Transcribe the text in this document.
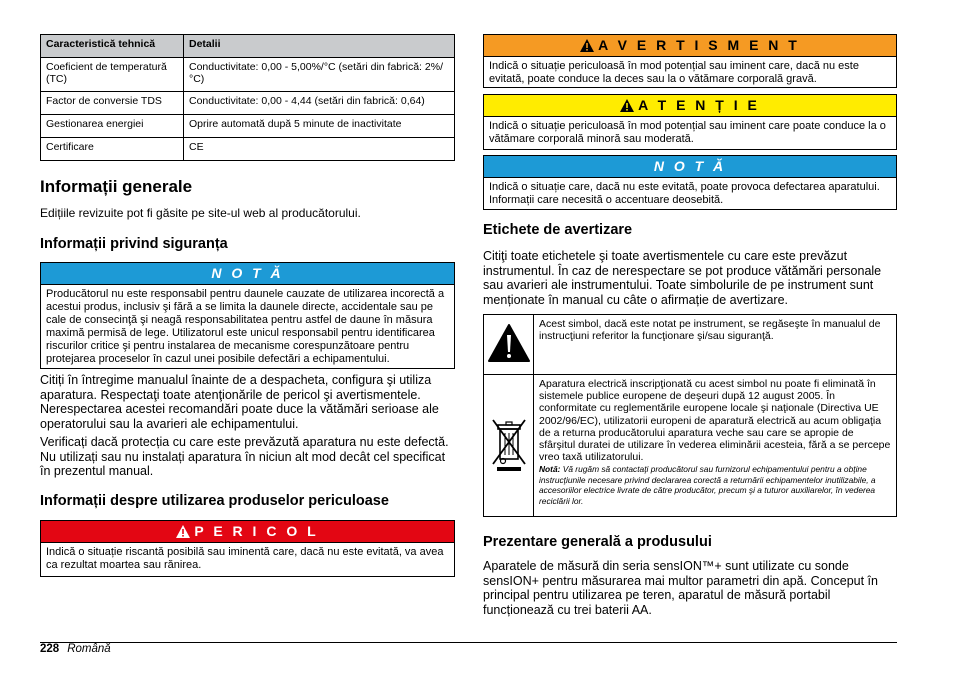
Caracteristică tehnică	Detalii
Coeficient de temperatură (TC)	Conductivitate: 0,00 - 5,00%/°C (setări din fabrică: 2%/ °C)
Factor de conversie TDS	Conductivitate: 0,00 - 4,44 (setări din fabrică: 0,64)
Gestionarea energiei	Oprire automată după 5 minute de inactivitate
Certificare	CE
Informații generale
Edițiile revizuite pot fi găsite pe site-ul web al producătorului.
Informații privind siguranța
N O T Ă
Producătorul nu este responsabil pentru daunele cauzate de utilizarea incorectă a acestui produs, inclusiv şi fără a se limita la daunele directe, accidentale sau pe cale de consecinţă şi neagă responsabilitatea pentru astfel de daune în măsura maximă permisă de lege. Utilizatorul este unicul responsabil pentru identificarea riscurilor critice şi pentru instalarea de mecanisme corespunzătoare pentru protejarea proceselor în cazul unei posibile defectări a echipamentului.
Citiți în întregime manualul înainte de a despacheta, configura şi utiliza aparatura. Respectaţi toate atenţionările de pericol şi avertismentele. Nerespectarea acestei recomandări poate duce la vătămări serioase ale operatorului sau la avarieri ale echipamentului.
Verificați dacă protecția cu care este prevăzută aparatura nu este defectă. Nu utilizați sau nu instalați aparatura în niciun alt mod decât cel specificat în prezentul manual.
Informații despre utilizarea produselor periculoase
P E R I C O L
Indică o situație riscantă posibilă sau iminentă care, dacă nu este evitată, va avea ca rezultat moartea sau rănirea.
A V E R T I S M E N T
Indică o situație periculoasă în mod potențial sau iminent care, dacă nu este evitată, poate conduce la deces sau la o vătămare corporală gravă.
A T E N Ț I E
Indică o situație periculoasă în mod potențial sau iminent care poate conduce la o vătămare corporală minoră sau moderată.
N O T Ă
Indică o situație care, dacă nu este evitată, poate provoca defectarea aparatului. Informații care necesită o accentuare deosebită.
Etichete de avertizare
Citiţi toate etichetele şi toate avertismentele cu care este prevăzut instrumentul. În caz de nerespectare se pot produce vătămări personale sau avarieri ale instrumentului. Toate simbolurile de pe instrument sunt menționate în manual cu câte o afirmație de avertizare.
	Acest simbol, dacă este notat pe instrument, se regăseşte în manualul de instrucţiuni referitor la funcţionare şi/sau siguranţă.
	Aparatura electrică inscripţionată cu acest simbol nu poate fi eliminată în sistemele publice europene de deşeuri după 12 august 2005. În conformitate cu reglementările europene locale şi naţionale (Directiva UE 2002/96/EC), utilizatorii europeni de aparatură electrică au acum obligaţia de a returna producătorului aparatura veche sau care se apropie de sfârşitul duratei de utilizare în vederea eliminării acesteia, fără a se percepe vreo taxă utilizatorului.
Notă: Vă rugăm să contactaţi producătorul sau furnizorul echipamentului pentru a obţine instrucţiunile necesare privind declararea corectă a returnării echipamentelor inutilizabile, a accesoriilor electrice livrate de către producător, precum şi a tuturor auxiliarelor, în vederea reciclării lor.
Prezentare generală a produsului
Aparatele de măsură din seria sensION™+ sunt utilizate cu sonde sensION+ pentru măsurarea mai multor parametri din apă. Conceput în principal pentru utilizarea pe teren, aparatul de măsură portabil funcționează cu trei baterii AA.
228 Română
